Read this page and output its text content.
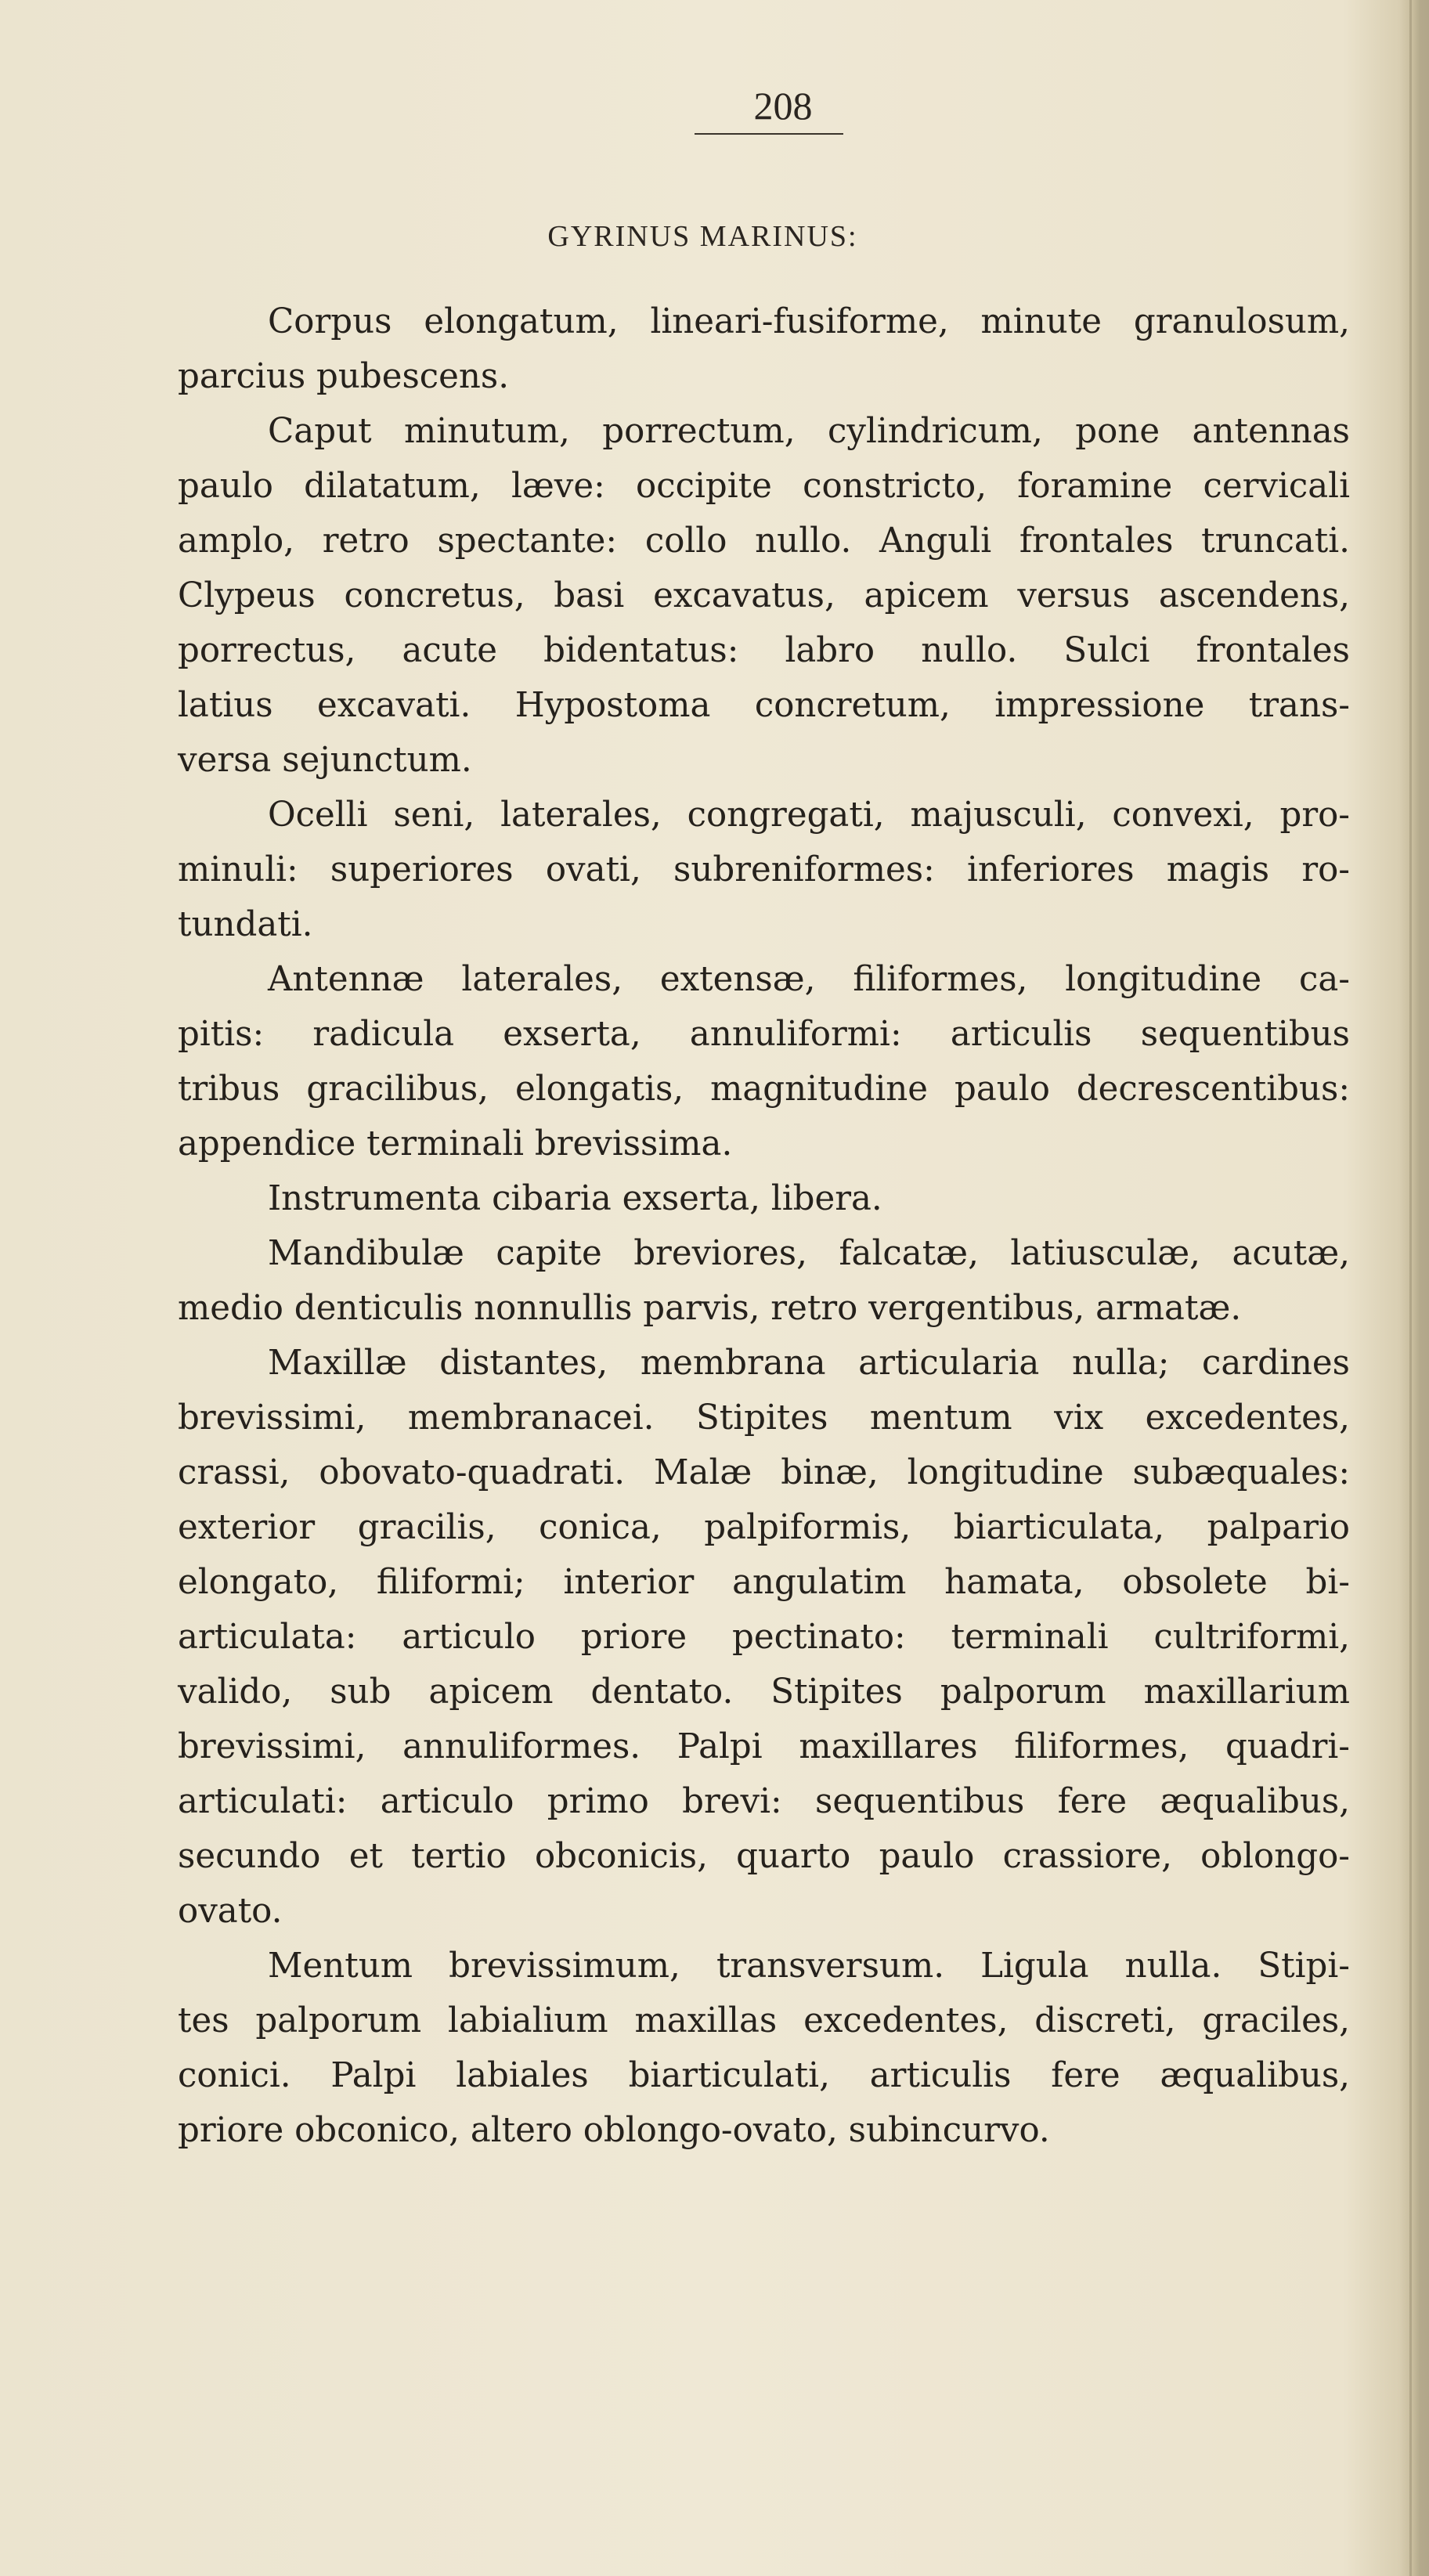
208
GYRINUS MARINUS:
Corpus elongatum, lineari-fusiforme, minute granulosum,
parcius pubescens.
Caput minutum, porrectum, cylindricum, pone antennas
paulo dilatatum, læve: occipite constricto, foramine cervicali
amplo, retro spectante: collo nullo. Anguli frontales truncati.
Clypeus concretus, basi excavatus, apicem versus ascendens,
porrectus, acute bidentatus: labro nullo. Sulci frontales
latius excavati. Hypostoma concretum, impressione trans-
versa sejunctum.
Ocelli seni, laterales, congregati, majusculi, convexi, pro-
minuli: superiores ovati, subreniformes: inferiores magis ro-
tundati.
Antennæ laterales, extensæ, filiformes, longitudine ca-
pitis: radicula exserta, annuliformi: articulis sequentibus
tribus gracilibus, elongatis, magnitudine paulo decrescentibus:
appendice terminali brevissima.
Instrumenta cibaria exserta, libera.
Mandibulæ capite breviores, falcatæ, latiusculæ, acutæ,
medio denticulis nonnullis parvis, retro vergentibus, armatæ.
Maxillæ distantes, membrana articularia nulla; cardines
brevissimi, membranacei. Stipites mentum vix excedentes,
crassi, obovato-quadrati. Malæ binæ, longitudine subæquales:
exterior gracilis, conica, palpiformis, biarticulata, palpario
elongato, filiformi; interior angulatim hamata, obsolete bi-
articulata: articulo priore pectinato: terminali cultriformi,
valido, sub apicem dentato. Stipites palporum maxillarium
brevissimi, annuliformes. Palpi maxillares filiformes, quadri-
articulati: articulo primo brevi: sequentibus fere æqualibus,
secundo et tertio obconicis, quarto paulo crassiore, oblongo-
ovato.
Mentum brevissimum, transversum. Ligula nulla. Stipi-
tes palporum labialium maxillas excedentes, discreti, graciles,
conici. Palpi labiales biarticulati, articulis fere æqualibus,
priore obconico, altero oblongo-ovato, subincurvo.
